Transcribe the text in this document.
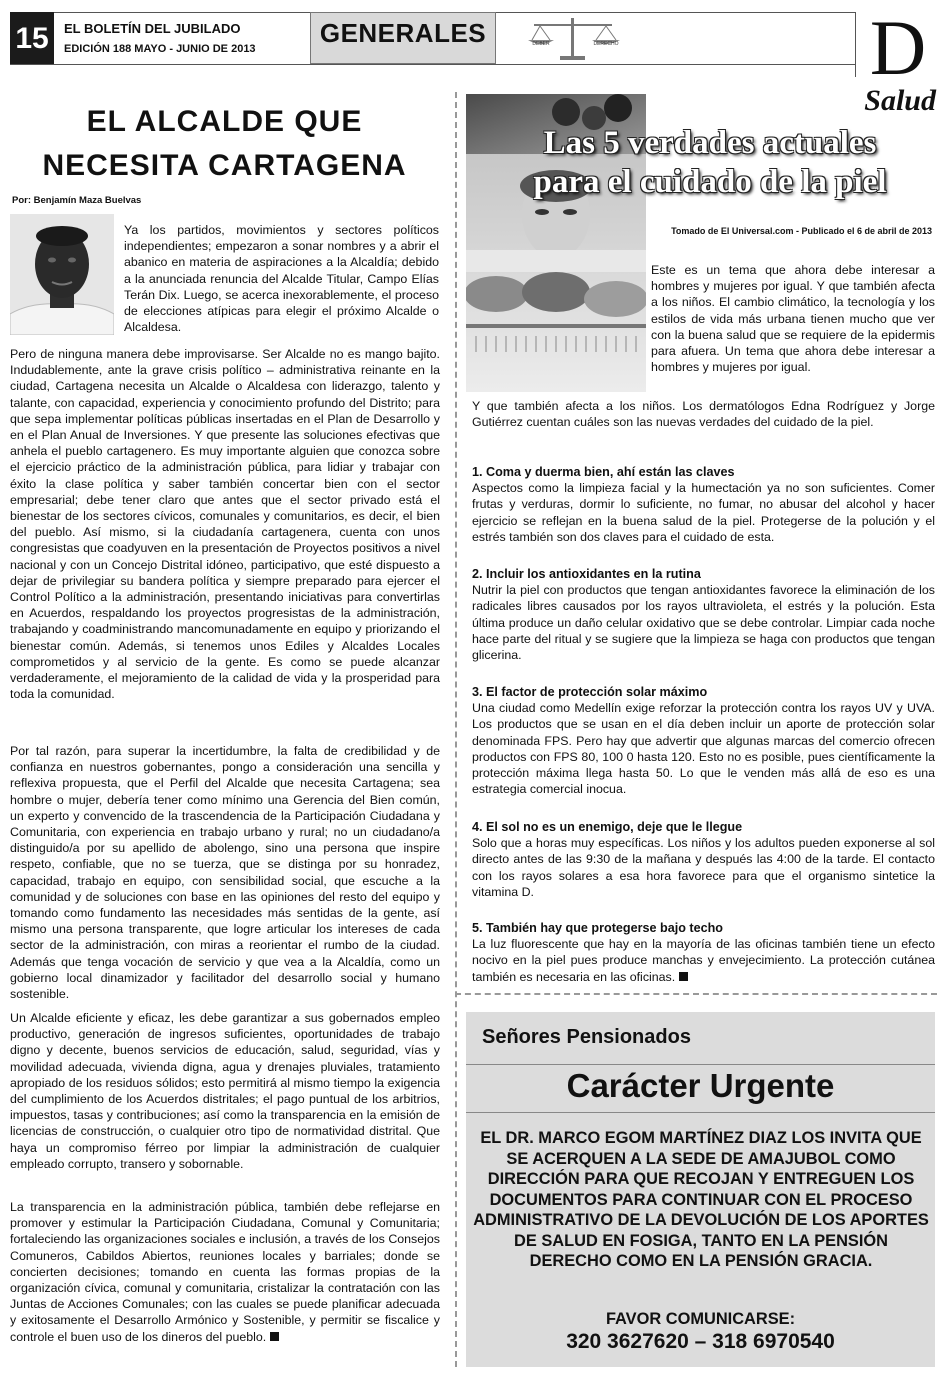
15	EL BOLETÍN DEL JUBILADO
EDICIÓN 188 MAYO - JUNIO DE 2013
GENERALES	DEBER	DERECHO	D
Salud
EL ALCALDE QUE
NECESITA CARTAGENA
Por: Benjamín Maza Buelvas
Ya los partidos, movimientos y sectores políticos independientes; empezaron a sonar nombres y a abrir el abanico en materia de aspiraciones a la Alcaldía; debido a la anunciada renuncia del Alcalde Titular, Campo Elías Terán Dix. Luego, se acerca inexorablemente, el proceso de elecciones atípicas para elegir el próximo Alcalde o Alcaldesa.
Pero de ninguna manera debe improvisarse. Ser Alcalde no es mango bajito. Indudablemente, ante la grave crisis político – administrativa reinante en la ciudad, Cartagena necesita un Alcalde o Alcaldesa con liderazgo, talento y talante, con capacidad, experiencia y conocimiento profundo del Distrito; para que sepa implementar políticas públicas insertadas en el Plan de Desarrollo y en el Plan Anual de Inversiones. Y que presente las soluciones efectivas que anhela el pueblo cartagenero. Es muy importante alguien que conozca sobre el ejercicio práctico de la administración pública, para lidiar y trabajar con éxito la clase política y saber también concertar bien con el sector empresarial; debe tener claro que antes que el sector privado está el bienestar de los sectores cívicos, comunales y comunitarios, es decir, el bien del pueblo. Así mismo, si la ciudadanía cartagenera, cuenta con unos congresistas que coadyuven en la presentación de Proyectos positivos a nivel nacional y con un Concejo Distrital idóneo, participativo, que esté dispuesto a dejar de privilegiar su bandera política y siempre preparado para ejercer el Control Político a la administración, presentando iniciativas para convertirlas en Acuerdos, respaldando los proyectos progresistas de la administración, trabajando y coadministrando mancomunadamente en equipo y priorizando el bienestar común. Además, si tenemos unos Ediles y Alcaldes Locales comprometidos y al servicio de la gente. Es como se puede alcanzar verdaderamente, el mejoramiento de la calidad de vida y la prosperidad para toda la comunidad.
Por tal razón, para superar la incertidumbre, la falta de credibilidad y de confianza en nuestros gobernantes, pongo a consideración una sencilla y reflexiva propuesta, que el Perfil del Alcalde que necesita Cartagena; sea hombre o mujer, debería tener como mínimo una Gerencia del Bien común, un experto y convencido de la trascendencia de la Participación Ciudadana y Comunitaria, con experiencia en trabajo urbano y rural; no un ciudadano/a distinguido/a por su apellido de abolengo, sino una persona que inspire respeto, confiable, que no se tuerza, que se distinga por su honradez, capacidad, trabajo en equipo, con sensibilidad social, que escuche a la comunidad y de soluciones con base en las opiniones del resto del equipo y tomando como fundamento las necesidades más sentidas de la gente, así mismo una persona transparente, que logre articular los intereses de cada sector de la administración, con miras a reorientar el rumbo de la ciudad. Además que tenga vocación de servicio y que vea a la Alcaldía, como un gobierno local dinamizador y facilitador del desarrollo social y humano sostenible.
Un Alcalde eficiente y eficaz, les debe garantizar a sus gobernados empleo productivo, generación de ingresos suficientes, oportunidades de trabajo digno y decente, buenos servicios de educación, salud, seguridad, vías y movilidad adecuada, vivienda digna, agua y drenajes pluviales, tratamiento apropiado de los residuos sólidos; esto permitirá al mismo tiempo la exigencia del cumplimiento de los Acuerdos distritales; el pago puntual de los arbitrios, impuestos, tasas y contribuciones; así como la transparencia en la emisión de licencias de construcción, o cualquier otro tipo de normatividad distrital. Que haya un compromiso férreo por limpiar la administración de cualquier empleado corrupto, transero y sobornable.
La transparencia en la administración pública, también debe reflejarse en promover y estimular la Participación Ciudadana, Comunal y Comunitaria; fortaleciendo las organizaciones sociales e inclusión, a través de los Consejos Comuneros, Cabildos Abiertos, reuniones locales y barriales; donde se concierten decisiones; tomando en cuenta las formas propias de la organización cívica, comunal y comunitaria, cristalizar la contratación con las Juntas de Acciones Comunales; con las cuales se puede planificar adecuada y exitosamente el Desarrollo Armónico y Sostenible, y permitir se fiscalice y controle el buen uso de los dineros del pueblo.
Las 5 verdades actuales
para el cuidado de la piel
Tomado de El Universal.com - Publicado el 6 de abril de 2013
Este es un tema que ahora debe interesar a hombres y mujeres por igual. Y que también afecta a los niños. El cambio climático, la tecnología y los estilos de vida más urbana tienen mucho que ver con la buena salud que se requiere de la epidermis para afuera. Un tema que ahora debe interesar a hombres y mujeres por igual.
Y que también afecta a los niños. Los dermatólogos Edna Rodríguez y Jorge Gutiérrez cuentan cuáles son las nuevas verdades del cuidado de la piel.
1. Coma y duerma bien, ahí están las claves
Aspectos como la limpieza facial y la humectación ya no son suficientes. Comer frutas y verduras, dormir lo suficiente, no fumar, no abusar del alcohol y hacer ejercicio se reflejan en la buena salud de la piel. Protegerse de la polución y el estrés también son dos claves para el cuidado de esta.
2. Incluir los antioxidantes en la rutina
Nutrir la piel con productos que tengan antioxidantes favorece la eliminación de los radicales libres causados por los rayos ultravioleta, el estrés y la polución. Esta última produce un daño celular oxidativo que se debe controlar. Limpiar cada noche hace parte del ritual y se sugiere que la limpieza se haga con productos que tengan glicerina.
3. El factor de protección solar máximo
Una ciudad como Medellín exige reforzar la protección contra los rayos UV y UVA. Los productos que se usan en el día deben incluir un aporte de protección solar denominada FPS. Pero hay que advertir que algunas marcas del comercio ofrecen productos con FPS 80, 100 0 hasta 120. Esto no es posible, pues científicamente la protección máxima llega hasta 50. Lo que le venden más allá de eso es una estrategia comercial inocua.
4. El sol no es un enemigo, deje que le llegue
Solo que a horas muy específicas. Los niños y los adultos pueden exponerse al sol directo antes de las 9:30 de la mañana y después las 4:00 de la tarde. El contacto con los rayos solares a esa hora favorece para que el organismo sintetice la vitamina D.
5. También hay que protegerse bajo techo
La luz fluorescente que hay en la mayoría de las oficinas también tiene un efecto nocivo en la piel pues produce manchas y envejecimiento. La protección cutánea también es necesaria en las oficinas.
Señores Pensionados
Carácter Urgente
EL DR. MARCO EGOM MARTÍNEZ DIAZ LOS INVITA QUE SE ACERQUEN A LA SEDE DE AMAJUBOL COMO DIRECCIÓN PARA QUE RECOJAN Y ENTREGUEN LOS DOCUMENTOS PARA CONTINUAR CON EL PROCESO ADMINISTRATIVO DE LA DEVOLUCIÓN DE LOS APORTES DE SALUD EN FOSIGA, TANTO EN LA PENSIÓN DERECHO COMO EN LA PENSIÓN GRACIA.
FAVOR COMUNICARSE:
320 3627620 – 318 6970540
